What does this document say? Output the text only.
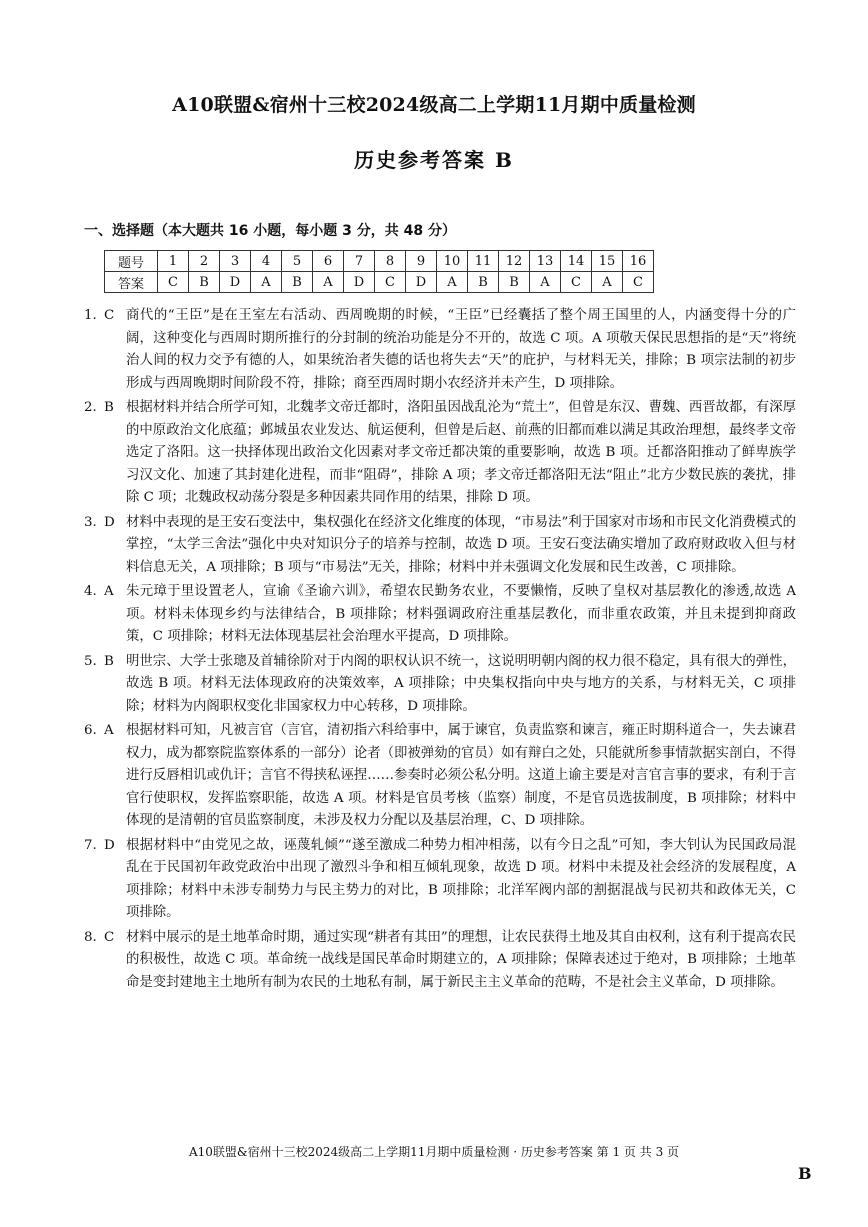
A10联盟&宿州十三校2024级高二上学期11月期中质量检测
历史参考答案 B
一、选择题（本大题共 16 小题，每小题 3 分，共 48 分）
题号	1	2	3	4	5	6	7	8	9	10	11	12	13	14	15	16
答案	C	B	D	A	B	A	D	C	D	A	B	B	A	C	A	C
1. C 商代的“王臣”是在王室左右活动、西周晚期的时候，“王臣”已经囊括了整个周王国里的人，内涵变得十分的广阔，这种变化与西周时期所推行的分封制的统治功能是分不开的，故选 C 项。A 项敬天保民思想指的是“天”将统治人间的权力交予有德的人，如果统治者失德的话也将失去“天”的庇护，与材料无关，排除；B 项宗法制的初步形成与西周晚期时间阶段不符，排除；商至西周时期小农经济并未产生，D 项排除。
2. B 根据材料并结合所学可知，北魏孝文帝迁都时，洛阳虽因战乱沦为“荒土”，但曾是东汉、曹魏、西晋故都，有深厚的中原政治文化底蕴；邺城虽农业发达、航运便利，但曾是后赵、前燕的旧都而难以满足其政治理想，最终孝文帝选定了洛阳。这一抉择体现出政治文化因素对孝文帝迁都决策的重要影响，故选 B 项。迁都洛阳推动了鲜卑族学习汉文化、加速了其封建化进程，而非“阻碍”，排除 A 项；孝文帝迁都洛阳无法“阻止”北方少数民族的袭扰，排除 C 项；北魏政权动荡分裂是多种因素共同作用的结果，排除 D 项。
3. D 材料中表现的是王安石变法中，集权强化在经济文化维度的体现，“市易法”利于国家对市场和市民文化消费模式的掌控，“太学三舍法”强化中央对知识分子的培养与控制，故选 D 项。王安石变法确实增加了政府财政收入但与材料信息无关，A 项排除；B 项与“市易法”无关，排除；材料中并未强调文化发展和民生改善，C 项排除。
4. A 朱元璋于里设置老人，宣谕《圣谕六训》，希望农民勤务农业，不要懒惰，反映了皇权对基层教化的渗透,故选 A 项。材料未体现乡约与法律结合，B 项排除；材料强调政府注重基层教化，而非重农政策，并且未提到抑商政策，C 项排除；材料无法体现基层社会治理水平提高，D 项排除。
5. B 明世宗、大学士张璁及首辅徐阶对于内阁的职权认识不统一，这说明明朝内阁的权力很不稳定，具有很大的弹性，故选 B 项。材料无法体现政府的决策效率，A 项排除；中央集权指向中央与地方的关系，与材料无关，C 项排除；材料为内阁职权变化非国家权力中心转移，D 项排除。
6. A 根据材料可知，凡被言官（言官，清初指六科给事中，属于谏官，负责监察和谏言，雍正时期科道合一，失去谏君权力，成为都察院监察体系的一部分）论者（即被弹劾的官员）如有辩白之处，只能就所参事情款据实剖白，不得进行反唇相讥或仇讦；言官不得挟私诬捏……参奏时必须公私分明。这道上谕主要是对言官言事的要求，有利于言官行使职权，发挥监察职能，故选 A 项。材料是官员考核（监察）制度，不是官员选拔制度，B 项排除；材料中体现的是清朝的官员监察制度，未涉及权力分配以及基层治理，C、D 项排除。
7. D 根据材料中“由党见之故，诬蔑轧倾”“遂至激成二种势力相冲相荡，以有今日之乱”可知，李大钊认为民国政局混乱在于民国初年政党政治中出现了激烈斗争和相互倾轧现象，故选 D 项。材料中未提及社会经济的发展程度，A 项排除；材料中未涉专制势力与民主势力的对比，B 项排除；北洋军阀内部的割据混战与民初共和政体无关，C 项排除。
8. C 材料中展示的是土地革命时期，通过实现“耕者有其田”的理想，让农民获得土地及其自由权利，这有利于提高农民的积极性，故选 C 项。革命统一战线是国民革命时期建立的，A 项排除；保障表述过于绝对，B 项排除；土地革命是变封建地主土地所有制为农民的土地私有制，属于新民主主义革命的范畴，不是社会主义革命，D 项排除。
A10联盟&宿州十三校2024级高二上学期11月期中质量检测 · 历史参考答案 第 1 页 共 3 页
B
